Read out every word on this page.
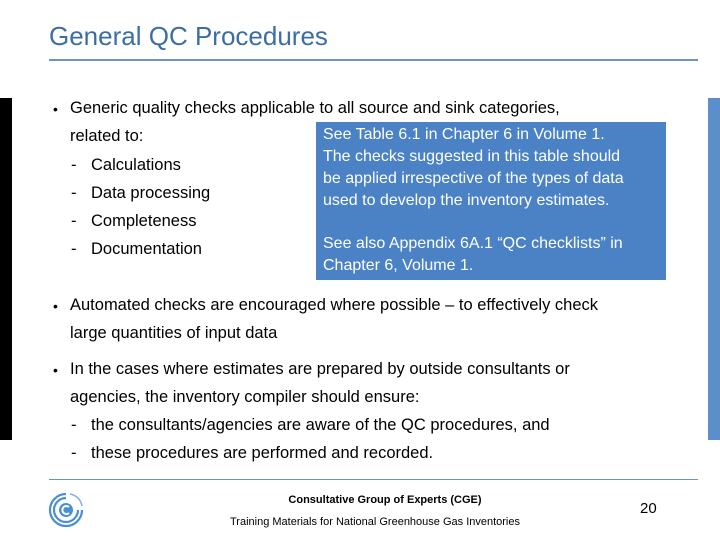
General QC Procedures
• Generic quality checks applicable to all source and sink categories,
related to:
- Calculations
- Data processing
- Completeness
- Documentation
See Table 6.1 in Chapter 6 in Volume 1.
The checks suggested in this table should
be applied irrespective of the types of data
used to develop the inventory estimates.
See also Appendix 6A.1 “QC checklists” in
Chapter 6, Volume 1.
• Automated checks are encouraged where possible – to effectively check
large quantities of input data
• In the cases where estimates are prepared by outside consultants or
agencies, the inventory compiler should ensure:
- the consultants/agencies are aware of the QC procedures, and
- these procedures are performed and recorded.
Consultative Group of Experts (CGE)
Training Materials for National Greenhouse Gas Inventories
20
